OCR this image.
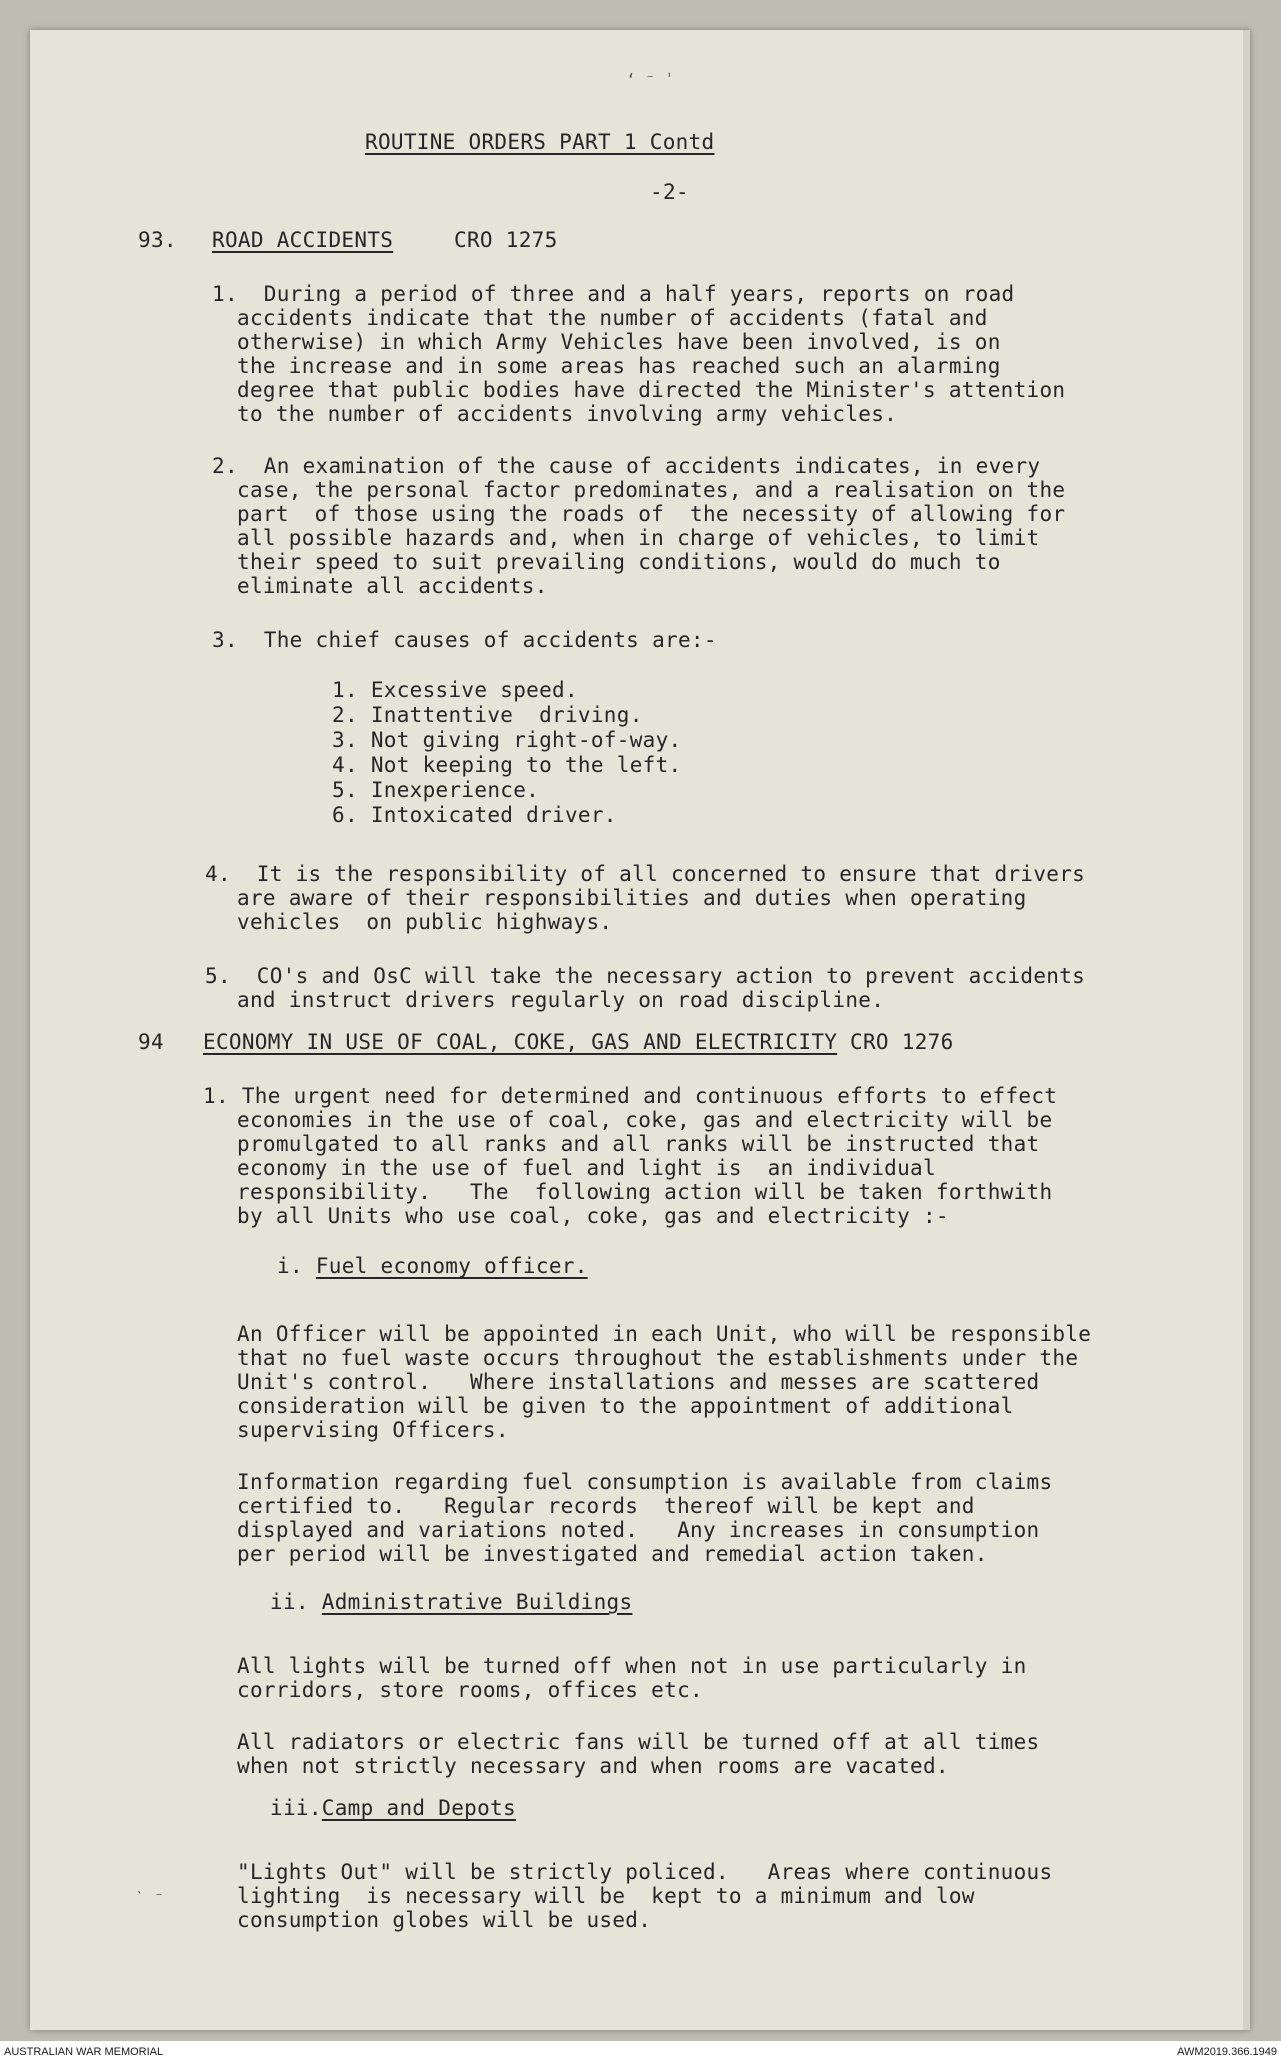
‘ ⁻ ˈ
ROUTINE ORDERS PART 1 Contd
-2-
93. ROAD ACCIDENTS	CRO 1275
1.  During a period of three and a half years, reports on road
accidents indicate that the number of accidents (fatal and
otherwise) in which Army Vehicles have been involved, is on
the increase and in some areas has reached such an alarming
degree that public bodies have directed the Minister's attention
to the number of accidents involving army vehicles.
2.  An examination of the cause of accidents indicates, in every
case, the personal factor predominates, and a realisation on the
part  of those using the roads of  the necessity of allowing for
all possible hazards and, when in charge of vehicles, to limit
their speed to suit prevailing conditions, would do much to
eliminate all accidents.
3.  The chief causes of accidents are:-
1. Excessive speed.
2. Inattentive  driving.
3. Not giving right-of-way.
4. Not keeping to the left.
5. Inexperience.
6. Intoxicated driver.
4.  It is the responsibility of all concerned to ensure that drivers
are aware of their responsibilities and duties when operating
vehicles  on public highways.
5.  CO's and OsC will take the necessary action to prevent accidents
and instruct drivers regularly on road discipline.
94 ECONOMY IN USE OF COAL, COKE, GAS AND ELECTRICITY CRO 1276
1. The urgent need for determined and continuous efforts to effect
economies in the use of coal, coke, gas and electricity will be
promulgated to all ranks and all ranks will be instructed that
economy in the use of fuel and light is  an individual
responsibility.   The  following action will be taken forthwith
by all Units who use coal, coke, gas and electricity :-
i. Fuel economy officer.
An Officer will be appointed in each Unit, who will be responsible
that no fuel waste occurs throughout the establishments under the
Unit's control.   Where installations and messes are scattered
consideration will be given to the appointment of additional
supervising Officers.
Information regarding fuel consumption is available from claims
certified to.   Regular records  thereof will be kept and
displayed and variations noted.   Any increases in consumption
per period will be investigated and remedial action taken.
ii. Administrative Buildings
All lights will be turned off when not in use particularly in
corridors, store rooms, offices etc.
All radiators or electric fans will be turned off at all times
when not strictly necessary and when rooms are vacated.
iii.Camp and Depots
"Lights Out" will be strictly policed.   Areas where continuous
lighting  is necessary will be  kept to a minimum and low
consumption globes will be used.
ˋ ⁻
AUSTRALIAN WAR MEMORIAL	AWM2019.366.1949
